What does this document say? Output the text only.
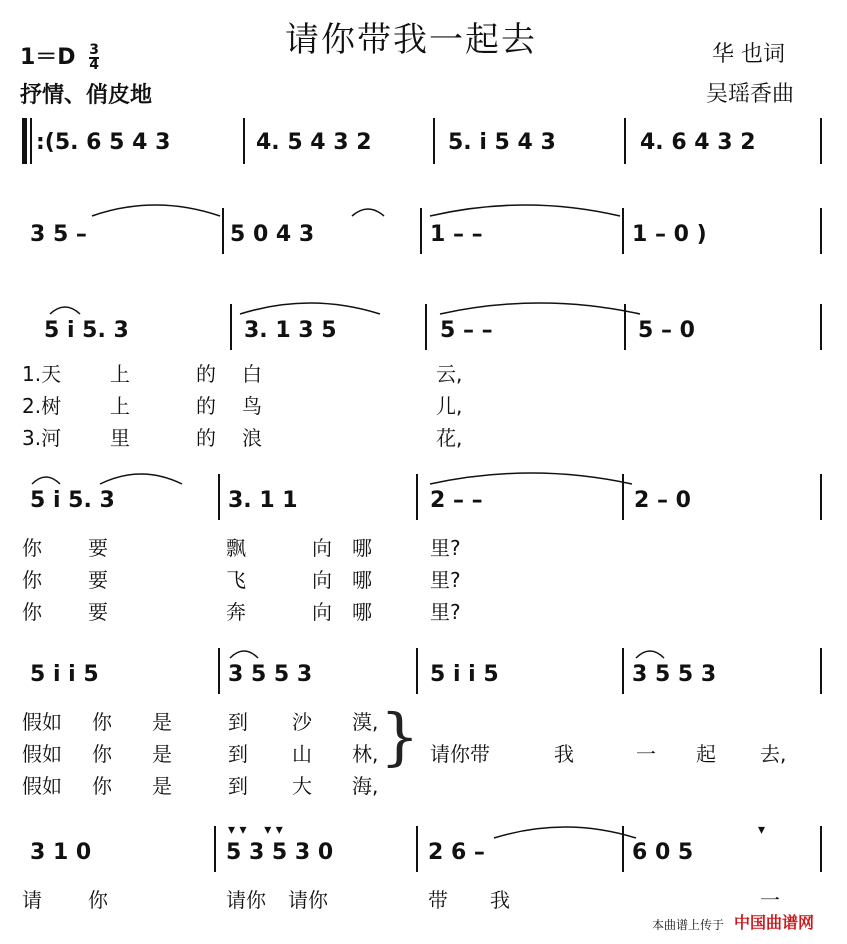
请你带我一起去
$1=D \frac{3}{4}$
抒情、俏皮地
华 也词
吴瑶香曲
:(5. 6 5 4 3	4. 5 4 3 2	5. i 5 4 3	4. 6 4 3 2
3 5 –	5 0 4 3	1 – –	1 – 0 )
5 i 5. 3	3. 1 3 5	5 – –	5 – 0
1.天 上	的 白	云,
2.树 上	的 鸟	儿,
3.河 里	的 浪	花,
5 i 5. 3	3. 1 1	2 – –	2 – 0
你 要	飘	向 哪	里?
你 要	飞	向 哪	里?
你 要	奔	向 哪	里?
5 i i 5	3 5 5 3	5 i i 5	3 5 5 3
假如 你 是	到 沙 漠,
假如 你 是	到 山 林,
假如 你 是	到 大 海,
} 请你带	我	一 起 去,
▾ ▾    ▾ ▾	▾
3 1 0	5 3 5 3 0	2 6 –	6 0 5
请 你	请你 请你	带 我	一
本曲谱上传于 中国曲谱网
